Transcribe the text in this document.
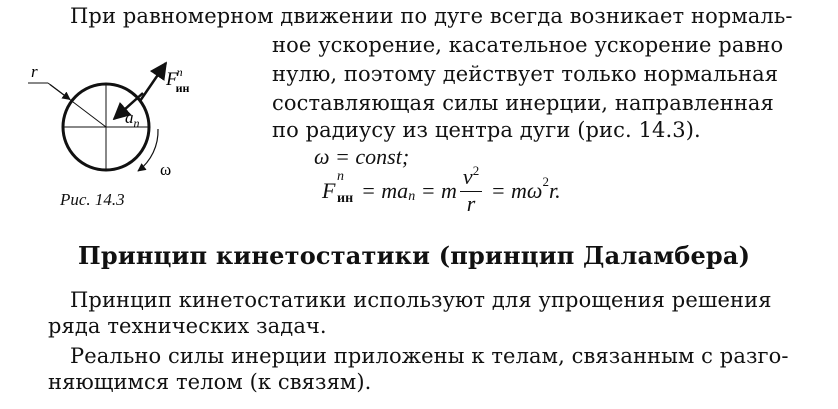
При равномерном движении по дуге всегда возникает нормаль-
ное ускорение, касательное ускорение равно
нулю, поэтому действует только нормальная
составляющая силы инерции, направленная
по радиусу из центра дуги (рис. 14.3).
r	Fn ин
$a_n$
ω
Рис. 14.3
ω = const;
F
n
ин = ma n = m $\frac{v^2}{r} = m\omega$ 2 r.
Принцип кинетостатики (принцип Даламбера)
Принцип кинетостатики используют для упрощения решения
ряда технических задач.
Реально силы инерции приложены к телам, связанным с разго-
няющимся телом (к связям).
